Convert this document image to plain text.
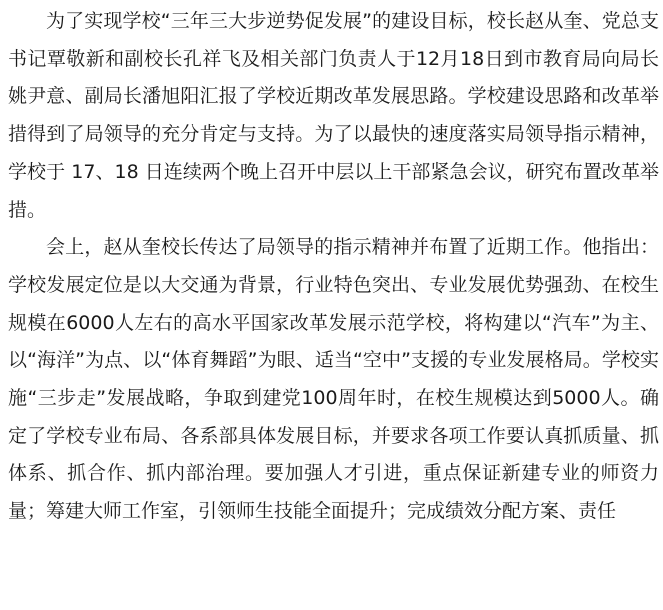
为了实现学校“三年三大步逆势促发展”的建设目标，校长赵从奎、党总支书记覃敬新和副校长孔祥飞及相关部门负责人于12月18日到市教育局向局长姚尹意、副局长潘旭阳汇报了学校近期改革发展思路。学校建设思路和改革举措得到了局领导的充分肯定与支持。为了以最快的速度落实局领导指示精神，学校于 17、18 日连续两个晚上召开中层以上干部紧急会议，研究布置改革举措。

会上，赵从奎校长传达了局领导的指示精神并布置了近期工作。他指出：学校发展定位是以大交通为背景，行业特色突出、专业发展优势强劲、在校生规模在6000人左右的高水平国家改革发展示范学校，将构建以“汽车”为主、以“海洋”为点、以“体育舞蹈”为眼、适当“空中”支援的专业发展格局。学校实施“三步走”发展战略，争取到建党100周年时，在校生规模达到5000人。确定了学校专业布局、各系部具体发展目标，并要求各项工作要认真抓质量、抓体系、抓合作、抓内部治理。要加强人才引进，重点保证新建专业的师资力量；筹建大师工作室，引领师生技能全面提升；完成绩效分配方案、责任
